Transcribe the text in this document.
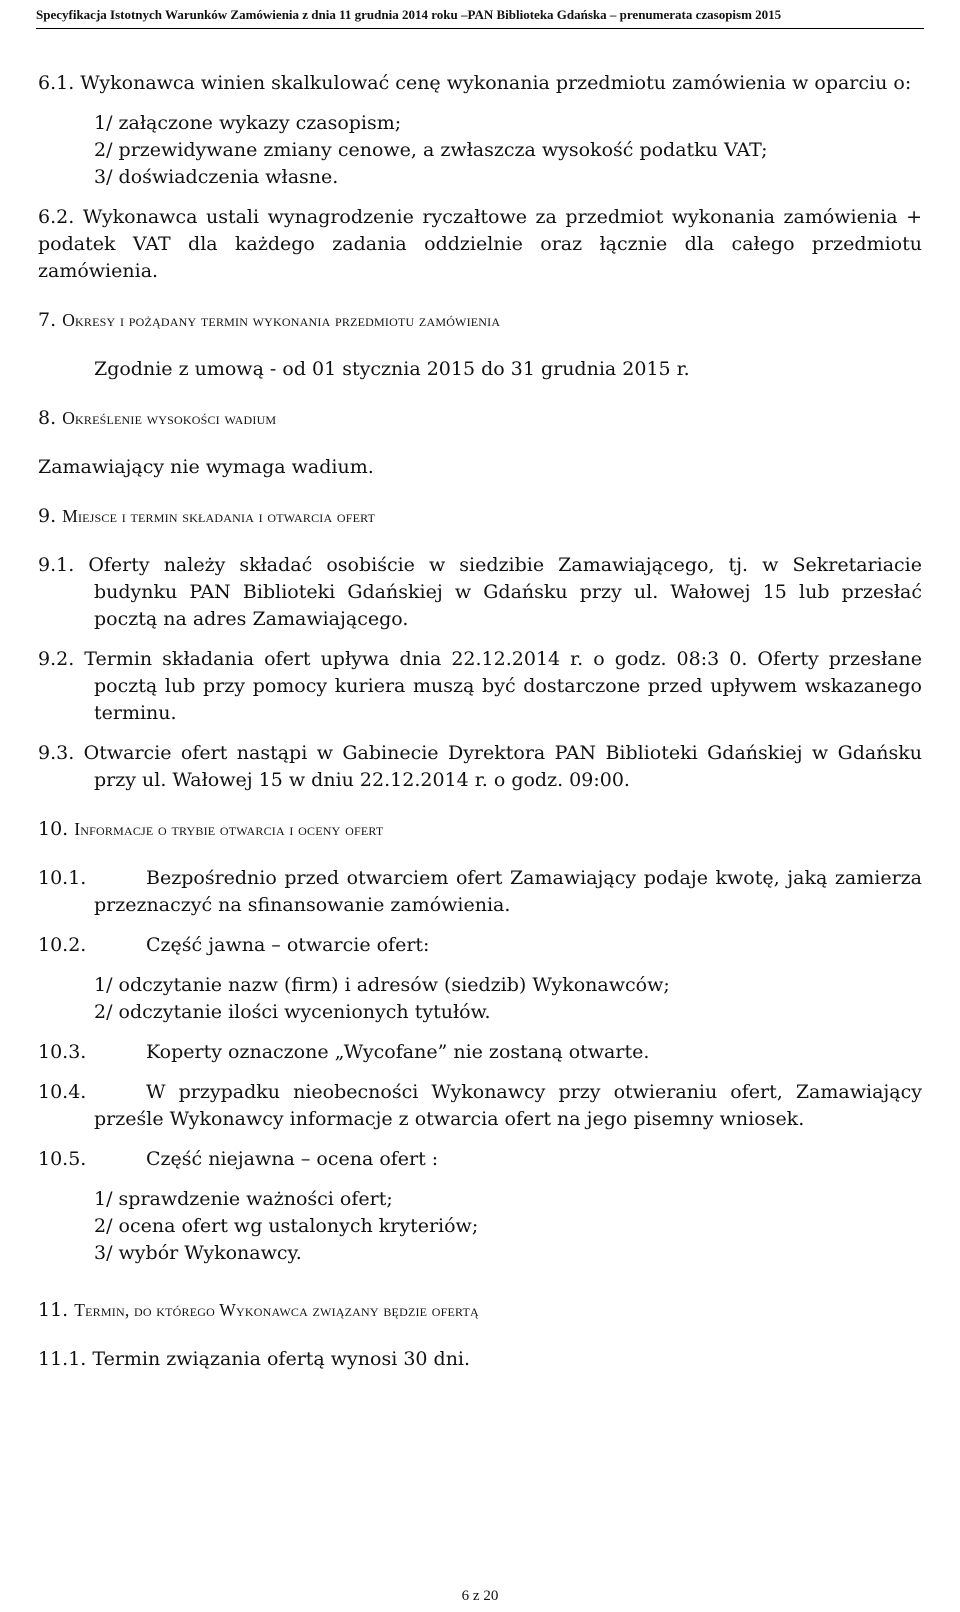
Specyfikacja Istotnych Warunków Zamówienia z dnia 11 grudnia 2014 roku –PAN Biblioteka Gdańska – prenumerata czasopism 2015

6.1. Wykonawca winien skalkulować cenę wykonania przedmiotu zamówienia w oparciu o:

1/ załączone wykazy czasopism;

2/ przewidywane zmiany cenowe, a zwłaszcza wysokość podatku VAT;

3/ doświadczenia własne.

6.2. Wykonawca ustali wynagrodzenie ryczałtowe za przedmiot wykonania zamówienia + podatek VAT dla każdego zadania oddzielnie oraz łącznie dla całego przedmiotu zamówienia.

7. Okresy i pożądany termin wykonania przedmiotu zamówienia

Zgodnie z umową - od 01 stycznia 2015 do 31 grudnia 2015 r.

8. Określenie wysokości wadium

Zamawiający nie wymaga wadium.

9. Miejsce i termin składania i otwarcia ofert

9.1. Oferty należy składać osobiście w siedzibie Zamawiającego, tj. w Sekretariacie budynku PAN Biblioteki Gdańskiej w Gdańsku przy ul. Wałowej 15 lub przesłać pocztą na adres Zamawiającego.

9.2. Termin składania ofert upływa dnia 22.12.2014 r. o godz. 08:3 0. Oferty przesłane pocztą lub przy pomocy kuriera muszą być dostarczone przed upływem wskazanego terminu.

9.3. Otwarcie ofert nastąpi w Gabinecie Dyrektora PAN Biblioteki Gdańskiej w Gdańsku przy ul. Wałowej 15 w dniu 22.12.2014 r. o godz. 09:00.

10. Informacje o trybie otwarcia i oceny ofert

10.1.	Bezpośrednio przed otwarciem ofert Zamawiający podaje kwotę, jaką zamierza przeznaczyć na sfinansowanie zamówienia.

10.2.	Część jawna – otwarcie ofert:

1/ odczytanie nazw (firm) i adresów (siedzib) Wykonawców;

2/ odczytanie ilości wycenionych tytułów.

10.3.	Koperty oznaczone „Wycofane” nie zostaną otwarte.

10.4.	W przypadku nieobecności Wykonawcy przy otwieraniu ofert, Zamawiający prześle Wykonawcy informacje z otwarcia ofert na jego pisemny wniosek.

10.5.	Część niejawna – ocena ofert :

1/ sprawdzenie ważności ofert;

2/ ocena ofert wg ustalonych kryteriów;

3/ wybór Wykonawcy.

11. Termin, do którego Wykonawca związany będzie ofertą

11.1. Termin związania ofertą wynosi 30 dni.

6 z 20
